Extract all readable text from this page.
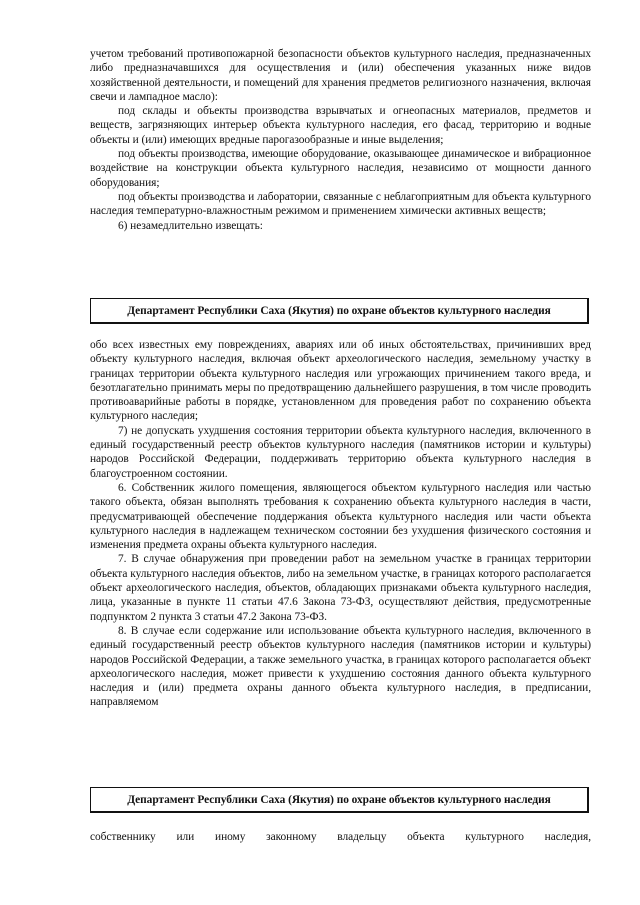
учетом требований противопожарной безопасности объектов культурного наследия, предназначенных либо предназначавшихся для осуществления и (или) обеспечения указанных ниже видов хозяйственной деятельности, и помещений для хранения предметов религиозного назначения, включая свечи и лампадное масло):

под склады и объекты производства взрывчатых и огнеопасных материалов, предметов и веществ, загрязняющих интерьер объекта культурного наследия, его фасад, территорию и водные объекты и (или) имеющих вредные парогазообразные и иные выделения;

под объекты производства, имеющие оборудование, оказывающее динамическое и вибрационное воздействие на конструкции объекта культурного наследия, независимо от мощности данного оборудования;

под объекты производства и лаборатории, связанные с неблагоприятным для объекта культурного наследия температурно-влажностным режимом и применением химически активных веществ;

6) незамедлительно извещать:

Департамент Республики Саха (Якутия) по охране объектов культурного наследия

обо всех известных ему повреждениях, авариях или об иных обстоятельствах, причинивших вред объекту культурного наследия, включая объект археологического наследия, земельному участку в границах территории объекта культурного наследия или угрожающих причинением такого вреда, и безотлагательно принимать меры по предотвращению дальнейшего разрушения, в том числе проводить противоаварийные работы в порядке, установленном для проведения работ по сохранению объекта культурного наследия;

7) не допускать ухудшения состояния территории объекта культурного наследия, включенного в единый государственный реестр объектов культурного наследия (памятников истории и культуры) народов Российской Федерации, поддерживать территорию объекта культурного наследия в благоустроенном состоянии.

6. Собственник жилого помещения, являющегося объектом культурного наследия или частью такого объекта, обязан выполнять требования к сохранению объекта культурного наследия в части, предусматривающей обеспечение поддержания объекта культурного наследия или части объекта культурного наследия в надлежащем техническом состоянии без ухудшения физического состояния и изменения предмета охраны объекта культурного наследия.

7. В случае обнаружения при проведении работ на земельном участке в границах территории объекта культурного наследия объектов, либо на земельном участке, в границах которого располагается объект археологического наследия, объектов, обладающих признаками объекта культурного наследия, лица, указанные в пункте 11 статьи 47.6 Закона 73-ФЗ, осуществляют действия, предусмотренные подпунктом 2 пункта 3 статьи 47.2 Закона 73-ФЗ.

8. В случае если содержание или использование объекта культурного наследия, включенного в единый государственный реестр объектов культурного наследия (памятников истории и культуры) народов Российской Федерации, а также земельного участка, в границах которого располагается объект археологического наследия, может привести к ухудшению состояния данного объекта культурного наследия и (или) предмета охраны данного объекта культурного наследия, в предписании, направляемом

Департамент Республики Саха (Якутия) по охране объектов культурного наследия

собственнику или иному законному владельцу объекта культурного наследия,
